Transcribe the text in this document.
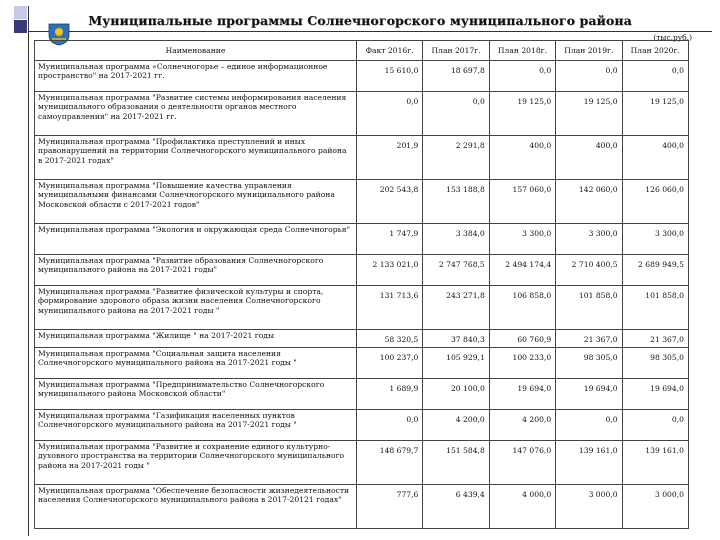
Муниципальные программы Солнечногорского муниципального района
(тыс.руб.)
Наименование	Факт 2016г.	План 2017г.	План 2018г.	План 2019г.	План 2020г.
Муниципальная программа «Солнечногорье – единое информационное пространство" на 2017-2021 гг.	15 610,0	18 697,8	0,0	0,0	0,0
Муниципальная программа "Развитие системы информирования населения муниципального образования о деятельности органов местного самоуправления" на 2017-2021 гг.	0,0	0,0	19 125,0	19 125,0	19 125,0
Муниципальная программа "Профилактика преступлений и иных правонарушений на территории Солнечногорского муниципального района в 2017-2021 годах"	201,9	2 291,8	400,0	400,0	400,0
Муниципальная программа "Повышение качества управления муниципальными финансами Солнечногорского муниципального района Московской области с 2017-2021 годов"	202 543,8	153 188,8	157 060,0	142 060,0	126 060,0
Муниципальная программа "Экология и окружающая среда Солнечногорья"	1 747,9	3 384,0	3 300,0	3 300,0	3 300,0
Муниципальная программа "Развитие образования Солнечногорского муниципального района на 2017-2021 годы"	2 133 021,0	2 747 768,5	2 494 174,4	2 710 400,5	2 689 949,5
Муниципальная программа "Развитие физической культуры и спорта, формирование здорового образа жизни населения Солнечногорского муниципального района на 2017-2021 годы "	131 713,6	243 271,8	106 858,0	101 858,0	101 858,0
Муниципальная программа "Жилище " на 2017-2021 годы	58 320,5	37 840,3	60 760,9	21 367,0	21 367,0
Муниципальная программа "Социальная защита населения Солнечногорского муниципального района на 2017-2021 годы "	100 237,0	105 929,1	100 233,0	98 305,0	98 305,0
Муниципальная программа "Предпринимательство Солнечногорского муниципального района Московской области"	1 689,9	20 100,0	19 694,0	19 694,0	19 694,0
Муниципальная программа "Газификация населенных пунктов Солнечногорского муниципального района на 2017-2021 годы "	0,0	4 200,0	4 200,0	0,0	0,0
Муниципальная программа "Развитие и сохранение единого культурно-духовного пространства на территории Солнечногорского муниципального района на 2017-2021 годы "	148 679,7	151 584,8	147 076,0	139 161,0	139 161,0
Муниципальная программа "Обеспечение безопасности жизнедеятельности населения Солнечногорского муниципального района в 2017-20121 годах"	777,6	6 439,4	4 000,0	3 000,0	3 000,0
